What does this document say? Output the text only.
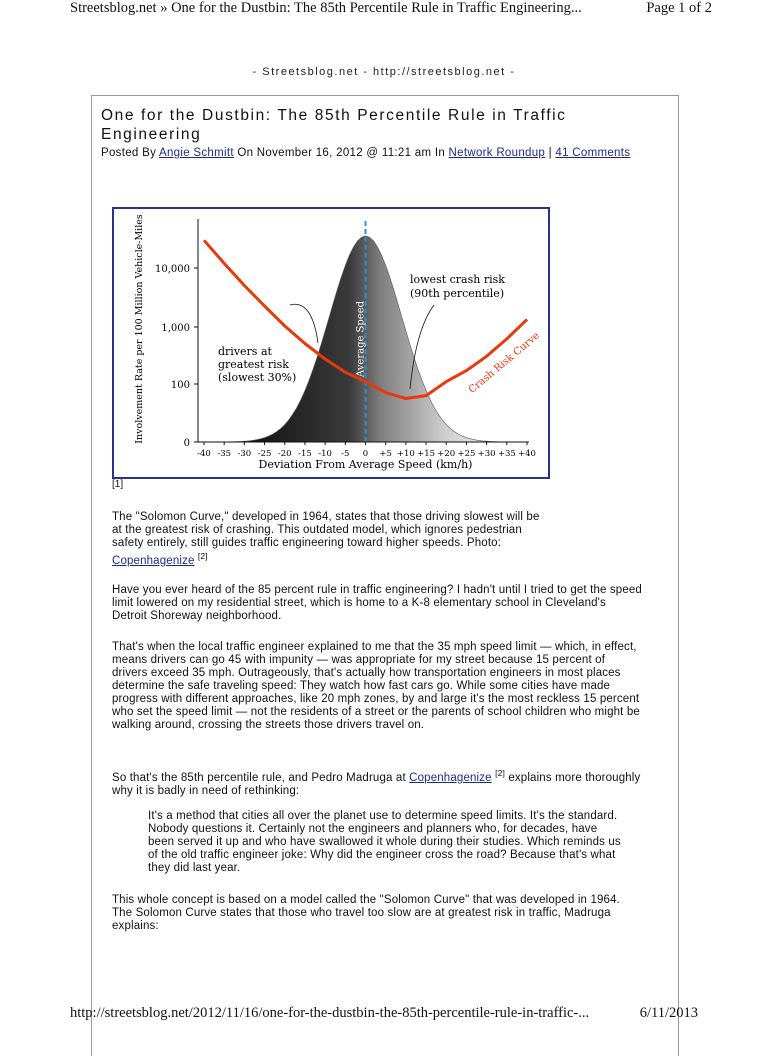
Streetsblog.net » One for the Dustbin: The 85th Percentile Rule in Traffic Engineering...	Page 1 of 2
- Streetsblog.net - http://streetsblog.net -
One for the Dustbin: The 85th Percentile Rule in Traffic Engineering
Posted By Angie Schmitt On November 16, 2012 @ 11:21 am In Network Roundup | 41 Comments
0
100
1,000
10,000
-40 -35 -30 -25 -20 -15 -10 -5 0 +5 +10 +15 +20 +25 +30 +35 +40
Deviation From Average Speed (km/h)
Involvement Rate per 100 Million Vehicle-Miles	Average Speed	Crash Risk Curve
drivers at
greatest risk
(slowest 30%)
lowest crash risk
(90th percentile)
[1]
The "Solomon Curve," developed in 1964, states that those driving slowest will be at the greatest risk of crashing. This outdated model, which ignores pedestrian safety entirely, still guides traffic engineering toward higher speeds. Photo: Copenhagenize [2]

Have you ever heard of the 85 percent rule in traffic engineering? I hadn't until I tried to get the speed limit lowered on my residential street, which is home to a K-8 elementary school in Cleveland's Detroit Shoreway neighborhood.

That's when the local traffic engineer explained to me that the 35 mph speed limit — which, in effect, means drivers can go 45 with impunity — was appropriate for my street because 15 percent of drivers exceed 35 mph. Outrageously, that's actually how transportation engineers in most places determine the safe traveling speed: They watch how fast cars go. While some cities have made progress with different approaches, like 20 mph zones, by and large it's the most reckless 15 percent who set the speed limit — not the residents of a street or the parents of school children who might be walking around, crossing the streets those drivers travel on.

So that's the 85th percentile rule, and Pedro Madruga at Copenhagenize [2] explains more thoroughly why it is badly in need of rethinking:

It's a method that cities all over the planet use to determine speed limits. It's the standard. Nobody questions it. Certainly not the engineers and planners who, for decades, have been served it up and who have swallowed it whole during their studies. Which reminds us of the old traffic engineer joke: Why did the engineer cross the road? Because that's what they did last year.

This whole concept is based on a model called the "Solomon Curve" that was developed in 1964. The Solomon Curve states that those who travel too slow are at greatest risk in traffic, Madruga explains:

http://streetsblog.net/2012/11/16/one-for-the-dustbin-the-85th-percentile-rule-in-traffic-...	6/11/2013
